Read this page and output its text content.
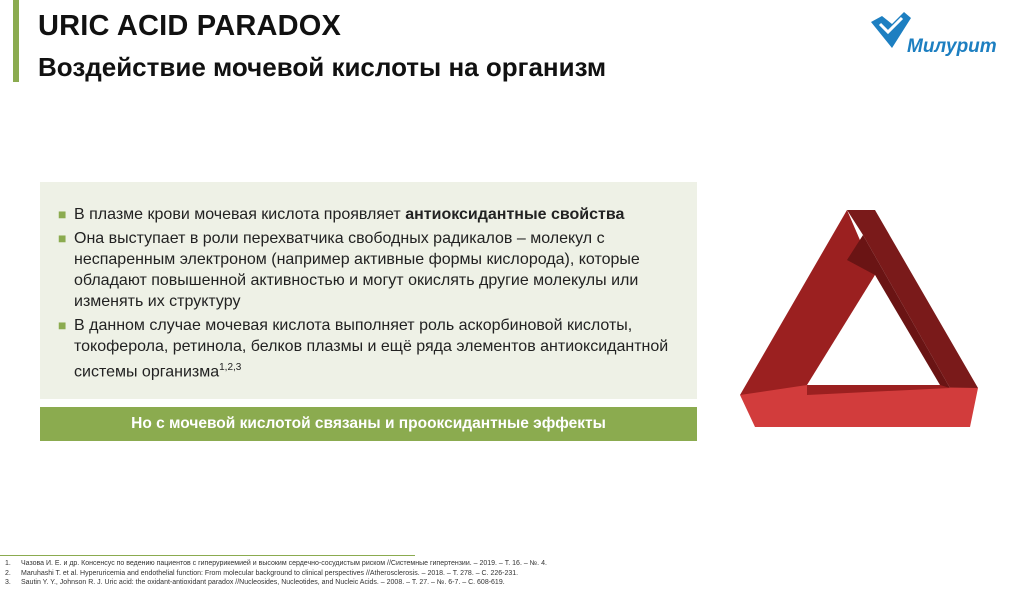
URIC ACID PARADOX
Воздействие мочевой кислоты на организм
Милурит
■ В плазме крови мочевая кислота проявляет антиоксидантные свойства
■ Она выступает в роли перехватчика свободных радикалов – молекул с неспаренным электроном (например активные формы кислорода), которые обладают повышенной активностью и могут окислять другие молекулы или изменять их структуру
■ В данном случае мочевая кислота выполняет роль аскорбиновой кислоты, токоферола, ретинола, белков плазмы и ещё ряда элементов антиоксидантной системы организма$^{1,2,3}$
Но с мочевой кислотой связаны и прооксидантные эффекты
1. Чазова И. Е. и др. Консенсус по ведению пациентов с гиперурикемией и высоким сердечно-сосудистым риском //Системные гипертензии. – 2019. – Т. 16. – №. 4.
2. Maruhashi T. et al. Hyperuricemia and endothelial function: From molecular background to clinical perspectives //Atherosclerosis. – 2018. – Т. 278. – С. 226-231.
3. Sautin Y. Y., Johnson R. J. Uric acid: the oxidant-antioxidant paradox //Nucleosides, Nucleotides, and Nucleic Acids. – 2008. – Т. 27. – №. 6-7. – С. 608-619.
